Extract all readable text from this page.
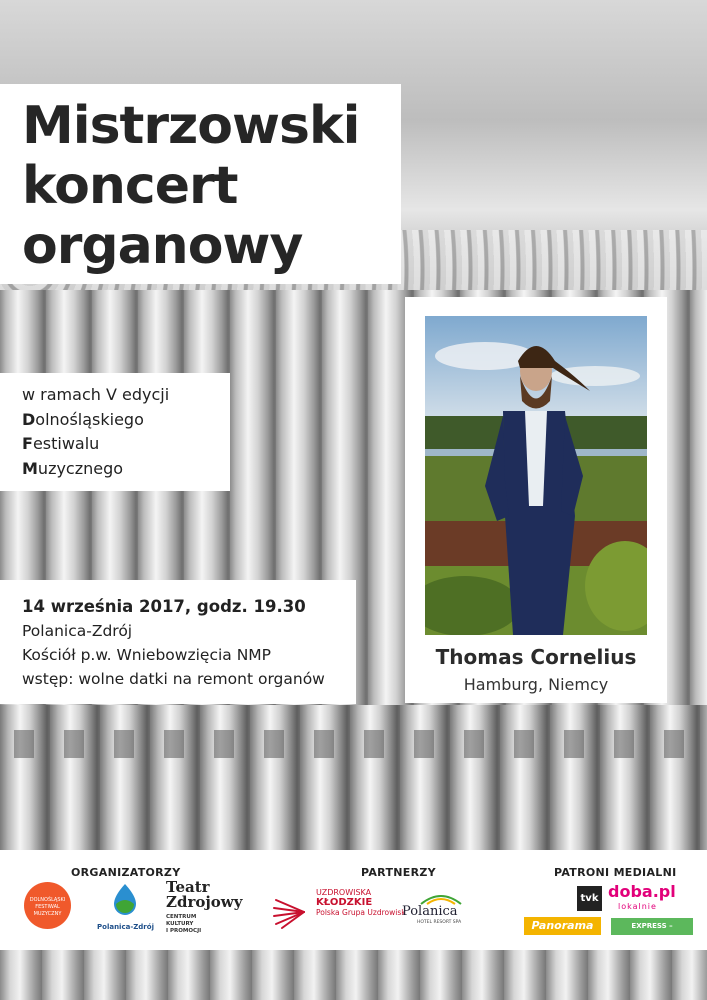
Mistrzowski
koncert
organowy
w ramach V edycji
Dolnośląskiego
Festiwalu
Muzycznego
14 września 2017, godz. 19.30
Polanica-Zdrój
Kościół p.w. Wniebowzięcia NMP
wstęp: wolne datki na remont organów
Thomas Cornelius
Hamburg, Niemcy
ORGANIZATORZY	PARTNERZY	PATRONI MEDIALNI
DOLNOŚLĄSKI FESTIWAL MUZYCZNY
Polanica-Zdrój
Teatr
Zdrojowy
CENTRUM
KULTURY
I PROMOCJI
UZDROWISKA
KŁODZKIE
Polska Grupa Uzdrowisk
Polanica
HOTEL RESORT SPA
tvk doba.pl
lokalnie
Panorama	EXPRESS – MIEJSKI.PL
